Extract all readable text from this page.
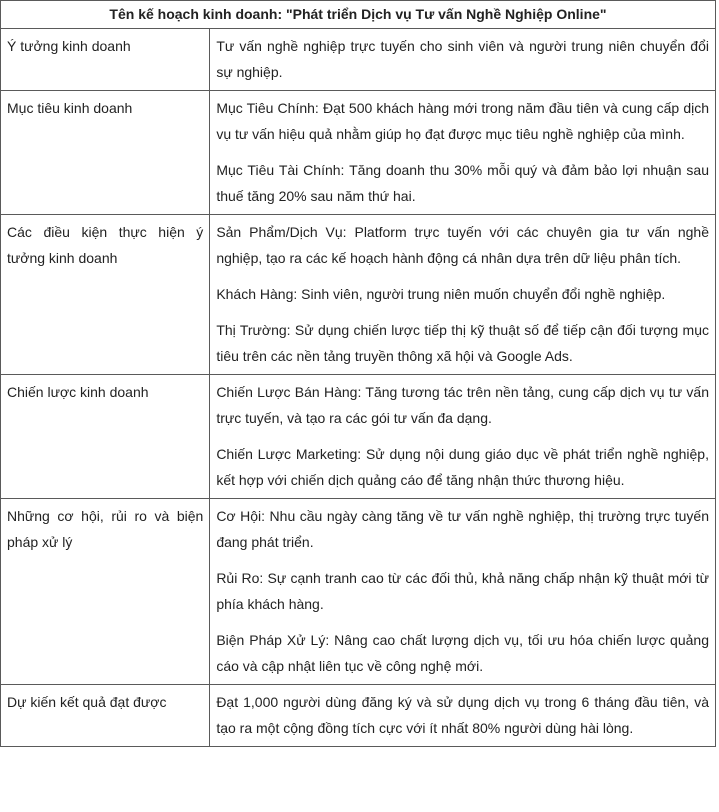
Tên kế hoạch kinh doanh: "Phát triển Dịch vụ Tư vấn Nghề Nghiệp Online"	
Ý tưởng kinh doanh	Tư vấn nghề nghiệp trực tuyến cho sinh viên và người trung niên chuyển đổi sự nghiệp.

Mục tiêu kinh doanh	Mục Tiêu Chính: Đạt 500 khách hàng mới trong năm đầu tiên và cung cấp dịch vụ tư vấn hiệu quả nhằm giúp họ đạt được mục tiêu nghề nghiệp của mình.

Mục Tiêu Tài Chính: Tăng doanh thu 30% mỗi quý và đảm bảo lợi nhuận sau thuế tăng 20% sau năm thứ hai.

Các điều kiện thực hiện ý tưởng kinh doanh	Sản Phẩm/Dịch Vụ: Platform trực tuyến với các chuyên gia tư vấn nghề nghiệp, tạo ra các kế hoạch hành động cá nhân dựa trên dữ liệu phân tích.

Khách Hàng: Sinh viên, người trung niên muốn chuyển đổi nghề nghiệp.

Thị Trường: Sử dụng chiến lược tiếp thị kỹ thuật số để tiếp cận đối tượng mục tiêu trên các nền tảng truyền thông xã hội và Google Ads.

Chiến lược kinh doanh	Chiến Lược Bán Hàng: Tăng tương tác trên nền tảng, cung cấp dịch vụ tư vấn trực tuyến, và tạo ra các gói tư vấn đa dạng.

Chiến Lược Marketing: Sử dụng nội dung giáo dục về phát triển nghề nghiệp, kết hợp với chiến dịch quảng cáo để tăng nhận thức thương hiệu.

Những cơ hội, rủi ro và biện pháp xử lý	Cơ Hội: Nhu cầu ngày càng tăng về tư vấn nghề nghiệp, thị trường trực tuyến đang phát triển.

Rủi Ro: Sự cạnh tranh cao từ các đối thủ, khả năng chấp nhận kỹ thuật mới từ phía khách hàng.

Biện Pháp Xử Lý: Nâng cao chất lượng dịch vụ, tối ưu hóa chiến lược quảng cáo và cập nhật liên tục về công nghệ mới.

Dự kiến kết quả đạt được	Đạt 1,000 người dùng đăng ký và sử dụng dịch vụ trong 6 tháng đầu tiên, và tạo ra một cộng đồng tích cực với ít nhất 80% người dùng hài lòng.
